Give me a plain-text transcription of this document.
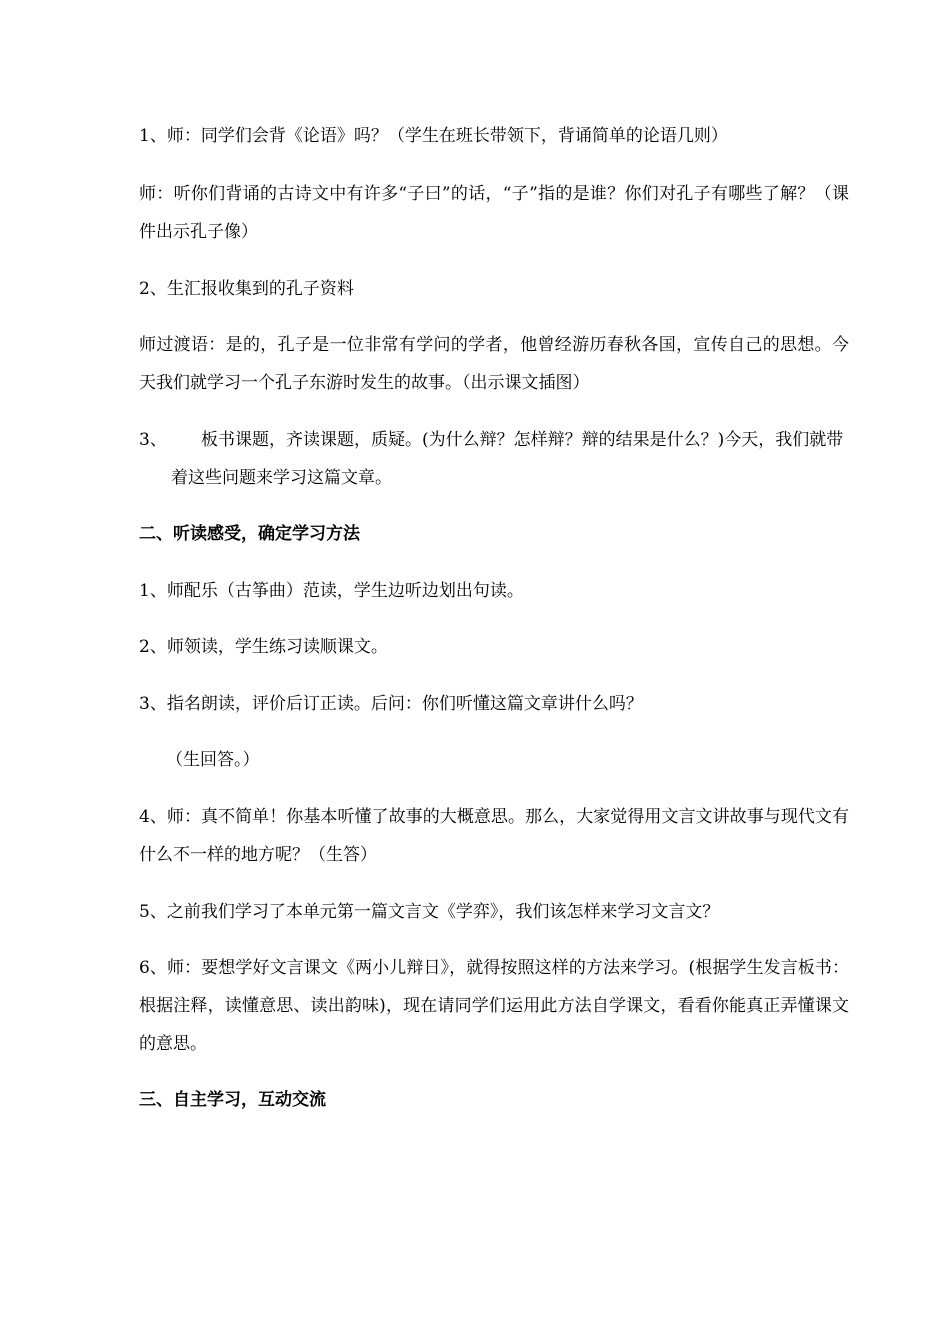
1、师：同学们会背《论语》吗？（学生在班长带领下，背诵简单的论语几则）

师：听你们背诵的古诗文中有许多“子曰”的话，“子”指的是谁？你们对孔子有哪些了解？（课件出示孔子像）

2、生汇报收集到的孔子资料

师过渡语：是的，孔子是一位非常有学问的学者，他曾经游历春秋各国，宣传自己的思想。今天我们就学习一个孔子东游时发生的故事。（出示课文插图）

3、	板书课题，齐读课题，质疑。(为什么辩？怎样辩？辩的结果是什么？)今天，我们就带着这些问题来学习这篇文章。

二、听读感受，确定学习方法

1、师配乐（古筝曲）范读，学生边听边划出句读。

2、师领读，学生练习读顺课文。

3、指名朗读，评价后订正读。后问：你们听懂这篇文章讲什么吗？

（生回答。）

4、师：真不简单！你基本听懂了故事的大概意思。那么，大家觉得用文言文讲故事与现代文有什么不一样的地方呢？（生答）

5、之前我们学习了本单元第一篇文言文《学弈》，我们该怎样来学习文言文？

6、师：要想学好文言课文《两小儿辩日》，就得按照这样的方法来学习。(根据学生发言板书：根据注释，读懂意思、读出韵味)，现在请同学们运用此方法自学课文，看看你能真正弄懂课文的意思。

三、自主学习，互动交流
